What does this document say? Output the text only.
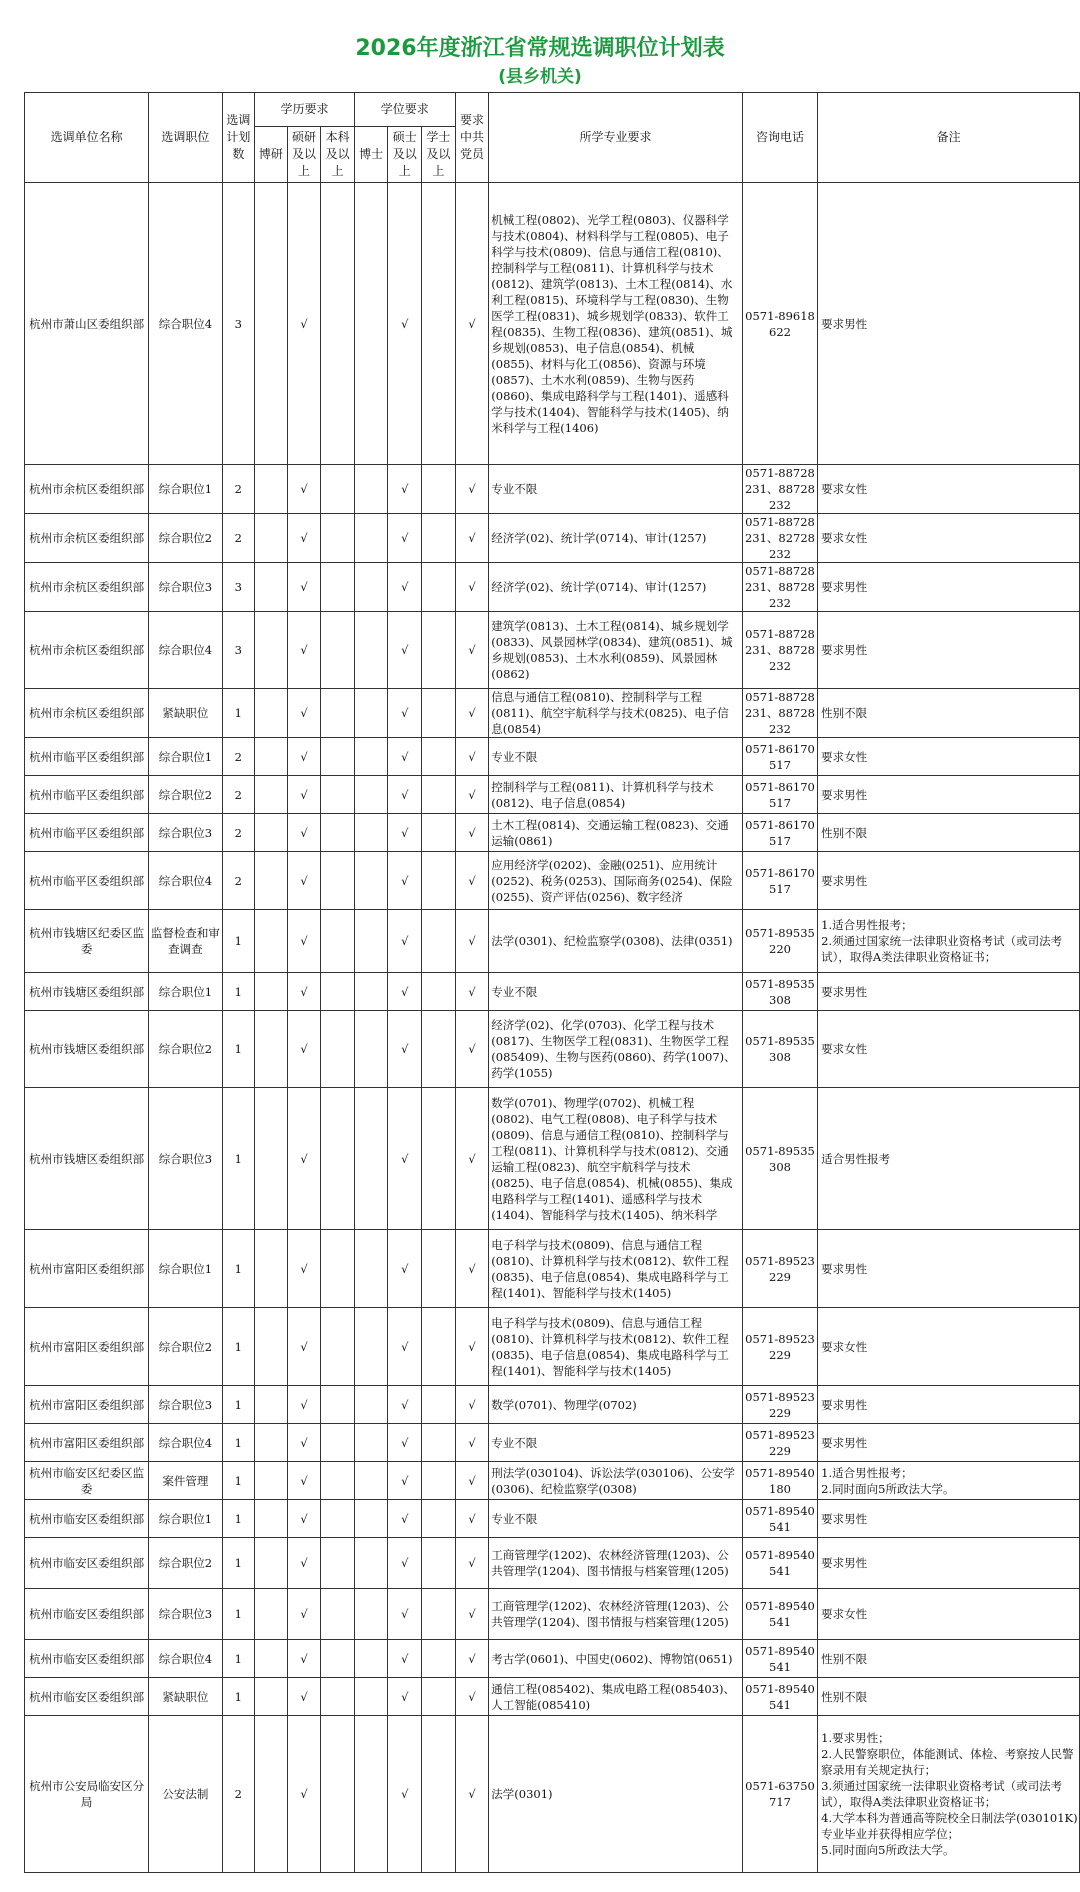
2026年度浙江省常规选调职位计划表
(县乡机关)
选调单位名称	选调职位	选调计划数	学历要求			学位要求			要求中共党员	所学专业要求	咨询电话	备注
			博研	硕研及以上	本科及以上	博士	硕士及以上	学士及以上				
杭州市萧山区委组织部	综合职位4	3		√			√		√	机械工程(0802)、光学工程(0803)、仪器科学与技术(0804)、材料科学与工程(0805)、电子科学与技术(0809)、信息与通信工程(0810)、控制科学与工程(0811)、计算机科学与技术(0812)、建筑学(0813)、土木工程(0814)、水利工程(0815)、环境科学与工程(0830)、生物医学工程(0831)、城乡规划学(0833)、软件工程(0835)、生物工程(0836)、建筑(0851)、城乡规划(0853)、电子信息(0854)、机械(0855)、材料与化工(0856)、资源与环境(0857)、土木水利(0859)、生物与医药(0860)、集成电路科学与工程(1401)、遥感科学与技术(1404)、智能科学与技术(1405)、纳米科学与工程(1406)	0571-89618622	要求男性
杭州市余杭区委组织部	综合职位1	2		√			√		√	专业不限	0571-88728231、88728232	要求女性
杭州市余杭区委组织部	综合职位2	2		√			√		√	经济学(02)、统计学(0714)、审计(1257)	0571-88728231、82728232	要求女性
杭州市余杭区委组织部	综合职位3	3		√			√		√	经济学(02)、统计学(0714)、审计(1257)	0571-88728231、88728232	要求男性
杭州市余杭区委组织部	综合职位4	3		√			√		√	建筑学(0813)、土木工程(0814)、城乡规划学(0833)、风景园林学(0834)、建筑(0851)、城乡规划(0853)、土木水利(0859)、风景园林(0862)	0571-88728231、88728232	要求男性
杭州市余杭区委组织部	紧缺职位	1		√			√		√	信息与通信工程(0810)、控制科学与工程(0811)、航空宇航科学与技术(0825)、电子信息(0854)	0571-88728231、88728232	性别不限
杭州市临平区委组织部	综合职位1	2		√			√		√	专业不限	0571-86170517	要求女性
杭州市临平区委组织部	综合职位2	2		√			√		√	控制科学与工程(0811)、计算机科学与技术(0812)、电子信息(0854)	0571-86170517	要求男性
杭州市临平区委组织部	综合职位3	2		√			√		√	土木工程(0814)、交通运输工程(0823)、交通运输(0861)	0571-86170517	性别不限
杭州市临平区委组织部	综合职位4	2		√			√		√	应用经济学(0202)、金融(0251)、应用统计(0252)、税务(0253)、国际商务(0254)、保险(0255)、资产评估(0256)、数字经济	0571-86170517	要求男性
杭州市钱塘区纪委区监委	监督检查和审查调查	1		√			√		√	法学(0301)、纪检监察学(0308)、法律(0351)	0571-89535220	1.适合男性报考；
2.须通过国家统一法律职业资格考试（或司法考试），取得A类法律职业资格证书；
杭州市钱塘区委组织部	综合职位1	1		√			√		√	专业不限	0571-89535308	要求男性
杭州市钱塘区委组织部	综合职位2	1		√			√		√	经济学(02)、化学(0703)、化学工程与技术(0817)、生物医学工程(0831)、生物医学工程(085409)、生物与医药(0860)、药学(1007)、药学(1055)	0571-89535308	要求女性
杭州市钱塘区委组织部	综合职位3	1		√			√		√	数学(0701)、物理学(0702)、机械工程(0802)、电气工程(0808)、电子科学与技术(0809)、信息与通信工程(0810)、控制科学与工程(0811)、计算机科学与技术(0812)、交通运输工程(0823)、航空宇航科学与技术(0825)、电子信息(0854)、机械(0855)、集成电路科学与工程(1401)、遥感科学与技术(1404)、智能科学与技术(1405)、纳米科学	0571-89535308	适合男性报考
杭州市富阳区委组织部	综合职位1	1		√			√		√	电子科学与技术(0809)、信息与通信工程(0810)、计算机科学与技术(0812)、软件工程(0835)、电子信息(0854)、集成电路科学与工程(1401)、智能科学与技术(1405)	0571-89523229	要求男性
杭州市富阳区委组织部	综合职位2	1		√			√		√	电子科学与技术(0809)、信息与通信工程(0810)、计算机科学与技术(0812)、软件工程(0835)、电子信息(0854)、集成电路科学与工程(1401)、智能科学与技术(1405)	0571-89523229	要求女性
杭州市富阳区委组织部	综合职位3	1		√			√		√	数学(0701)、物理学(0702)	0571-89523229	要求男性
杭州市富阳区委组织部	综合职位4	1		√			√		√	专业不限	0571-89523229	要求男性
杭州市临安区纪委区监委	案件管理	1		√			√		√	刑法学(030104)、诉讼法学(030106)、公安学(0306)、纪检监察学(0308)	0571-89540180	1.适合男性报考；
2.同时面向5所政法大学。
杭州市临安区委组织部	综合职位1	1		√			√		√	专业不限	0571-89540541	要求男性
杭州市临安区委组织部	综合职位2	1		√			√		√	工商管理学(1202)、农林经济管理(1203)、公共管理学(1204)、图书情报与档案管理(1205)	0571-89540541	要求男性
杭州市临安区委组织部	综合职位3	1		√			√		√	工商管理学(1202)、农林经济管理(1203)、公共管理学(1204)、图书情报与档案管理(1205)	0571-89540541	要求女性
杭州市临安区委组织部	综合职位4	1		√			√		√	考古学(0601)、中国史(0602)、博物馆(0651)	0571-89540541	性别不限
杭州市临安区委组织部	紧缺职位	1		√			√		√	通信工程(085402)、集成电路工程(085403)、人工智能(085410)	0571-89540541	性别不限
杭州市公安局临安区分局	公安法制	2		√			√		√	法学(0301)	0571-63750717	1.要求男性；
2.人民警察职位，体能测试、体检、考察按人民警察录用有关规定执行；
3.须通过国家统一法律职业资格考试（或司法考试），取得A类法律职业资格证书；
4.大学本科为普通高等院校全日制法学(030101K)专业毕业并获得相应学位；
5.同时面向5所政法大学。
